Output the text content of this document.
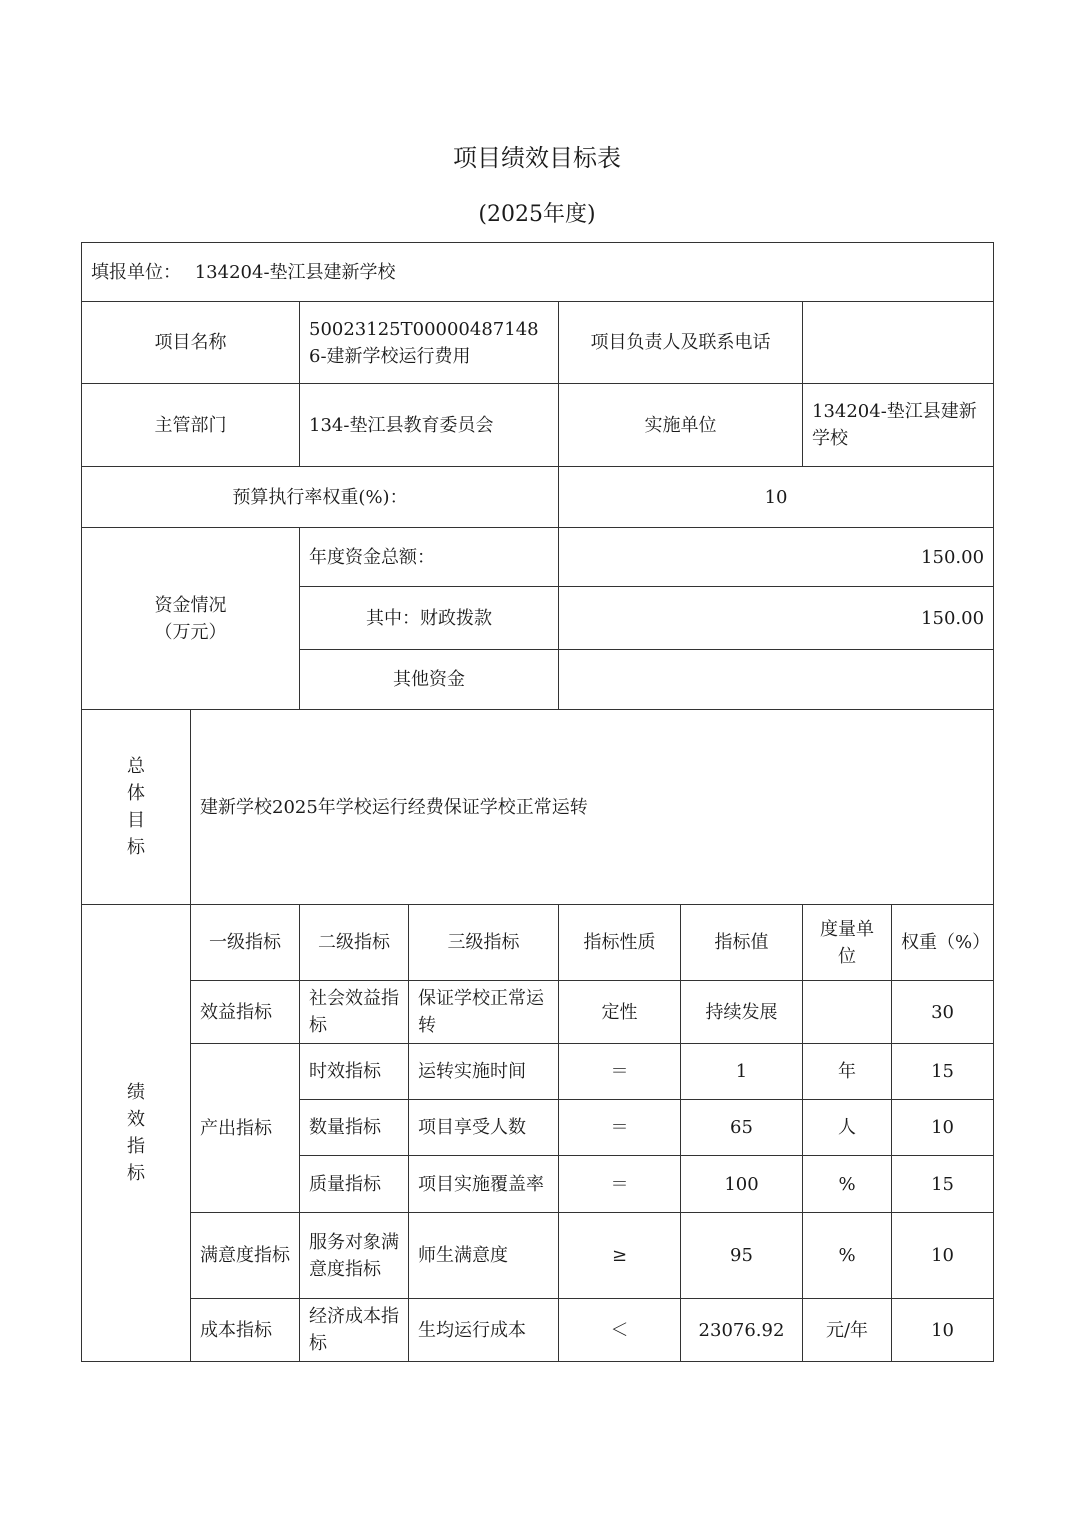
项目绩效目标表
(2025年度)
填报单位： 134204-垫江县建新学校							
项目名称		50023125T000004871486-建新学校运行费用		项目负责人及联系电话			
主管部门		134-垫江县教育委员会		实施单位		134204-垫江县建新学校	
预算执行率权重(%)：				10			

资金情况
（万元）		年度资金总额：		150.00			
		其中：财政拨款		150.00			
		其他资金					

总
体
目
标	建新学校2025年学校运行经费保证学校正常运转						

绩
效
指
标	一级指标	二级指标	三级指标	指标性质	指标值	度量单位	权重（%）
	效益指标	社会效益指标	保证学校正常运转	定性	持续发展		30
	产出指标	时效指标	运转实施时间	＝	1	年	15
		数量指标	项目享受人数	＝	65	人	10
		质量指标	项目实施覆盖率	＝	100	%	15
	满意度指标	服务对象满意度指标	师生满意度	≥	95	%	10
	成本指标	经济成本指标	生均运行成本	＜	23076.92	元/年	10
